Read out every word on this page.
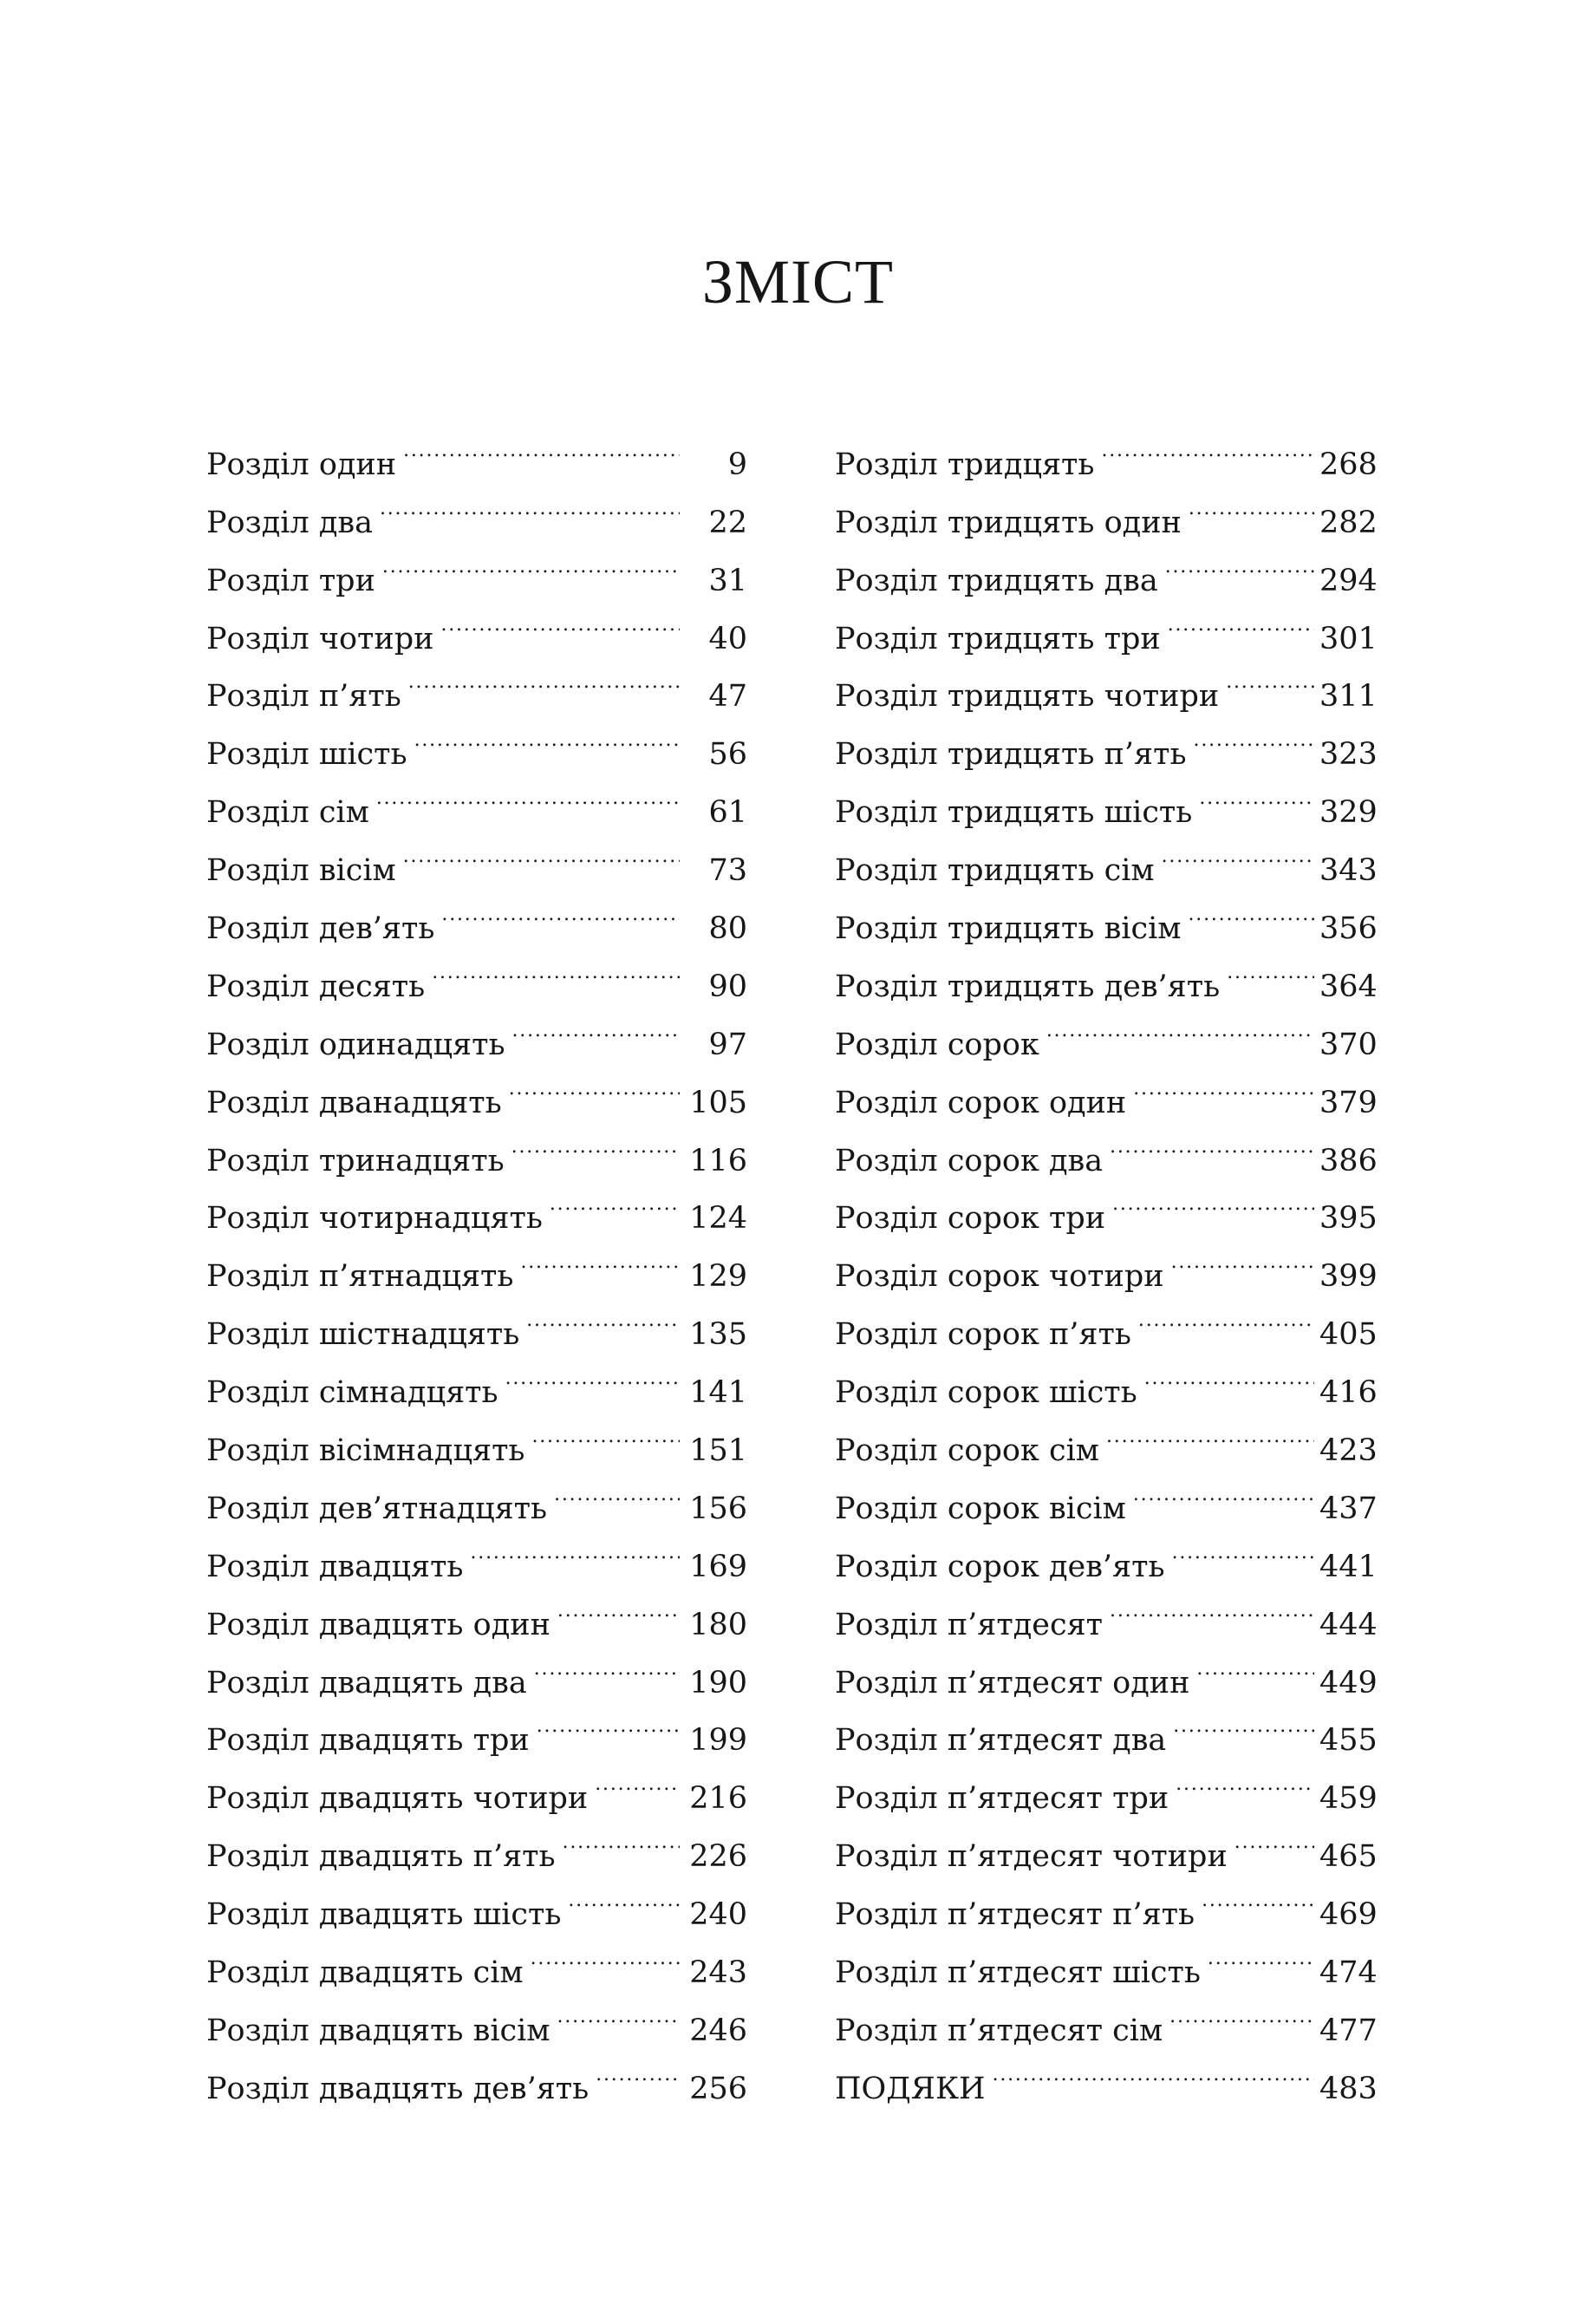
ЗМІСТ
Розділ один . . .	9
Розділ два . . .	22
Розділ три . . .	31
Розділ чотири . . .	40
Розділ п’ять . . .	47
Розділ шість . . .	56
Розділ сім . . .	61
Розділ вісім . . .	73
Розділ дев’ять . . .	80
Розділ десять . . .	90
Розділ одинадцять . . .	97
Розділ дванадцять . . .	105
Розділ тринадцять . . .	116
Розділ чотирнадцять . . .	124
Розділ п’ятнадцять . . .	129
Розділ шістнадцять . . .	135
Розділ сімнадцять . . .	141
Розділ вісімнадцять . . .	151
Розділ дев’ятнадцять . . .	156
Розділ двадцять . . .	169
Розділ двадцять один . . .	180
Розділ двадцять два . . .	190
Розділ двадцять три . . .	199
Розділ двадцять чотири . . .	216
Розділ двадцять п’ять . . .	226
Розділ двадцять шість . . .	240
Розділ двадцять сім . . .	243
Розділ двадцять вісім . . .	246
Розділ двадцять дев’ять . . .	256
Розділ тридцять . . .	268
Розділ тридцять один . . .	282
Розділ тридцять два . . .	294
Розділ тридцять три . . .	301
Розділ тридцять чотири . . .	311
Розділ тридцять п’ять . . .	323
Розділ тридцять шість . . .	329
Розділ тридцять сім . . .	343
Розділ тридцять вісім . . .	356
Розділ тридцять дев’ять . . .	364
Розділ сорок . . .	370
Розділ сорок один . . .	379
Розділ сорок два . . .	386
Розділ сорок три . . .	395
Розділ сорок чотири . . .	399
Розділ сорок п’ять . . .	405
Розділ сорок шість . . .	416
Розділ сорок сім . . .	423
Розділ сорок вісім . . .	437
Розділ сорок дев’ять . . .	441
Розділ п’ятдесят . . .	444
Розділ п’ятдесят один . . .	449
Розділ п’ятдесят два . . .	455
Розділ п’ятдесят три . . .	459
Розділ п’ятдесят чотири . . .	465
Розділ п’ятдесят п’ять . . .	469
Розділ п’ятдесят шість . . .	474
Розділ п’ятдесят сім . . .	477
ПОДЯКИ . . .	483
